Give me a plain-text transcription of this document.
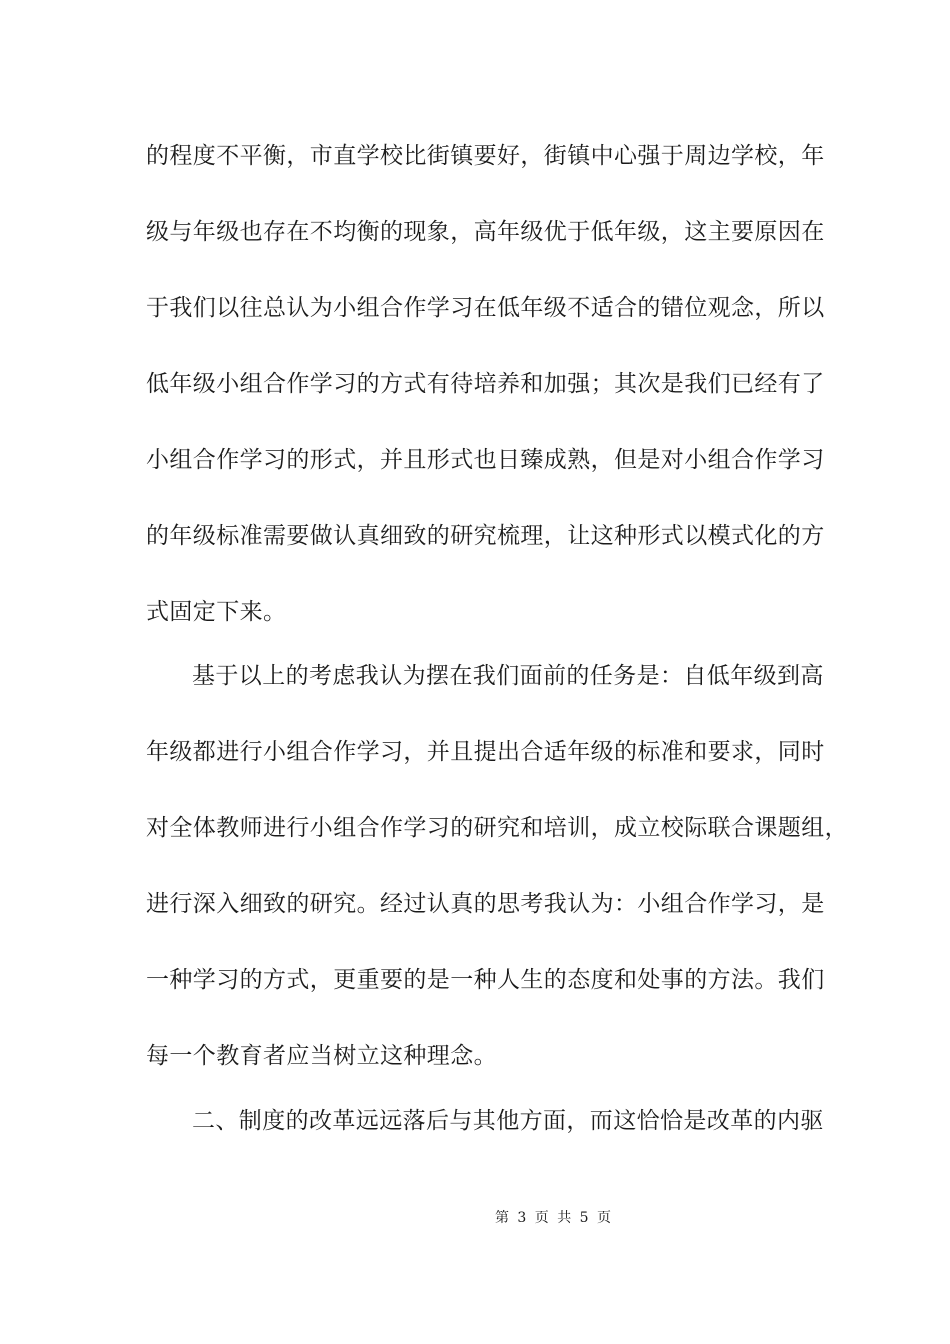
的程度不平衡，市直学校比街镇要好，街镇中心强于周边学校，年
级与年级也存在不均衡的现象，高年级优于低年级，这主要原因在
于我们以往总认为小组合作学习在低年级不适合的错位观念，所以
低年级小组合作学习的方式有待培养和加强；其次是我们已经有了
小组合作学习的形式，并且形式也日臻成熟，但是对小组合作学习
的年级标准需要做认真细致的研究梳理，让这种形式以模式化的方
式固定下来。
基于以上的考虑我认为摆在我们面前的任务是：自低年级到高
年级都进行小组合作学习，并且提出合适年级的标准和要求，同时
对全体教师进行小组合作学习的研究和培训，成立校际联合课题组，
进行深入细致的研究。经过认真的思考我认为：小组合作学习，是
一种学习的方式，更重要的是一种人生的态度和处事的方法。我们
每一个教育者应当树立这种理念。
二、制度的改革远远落后与其他方面，而这恰恰是改革的内驱
第 3 页 共 5 页
